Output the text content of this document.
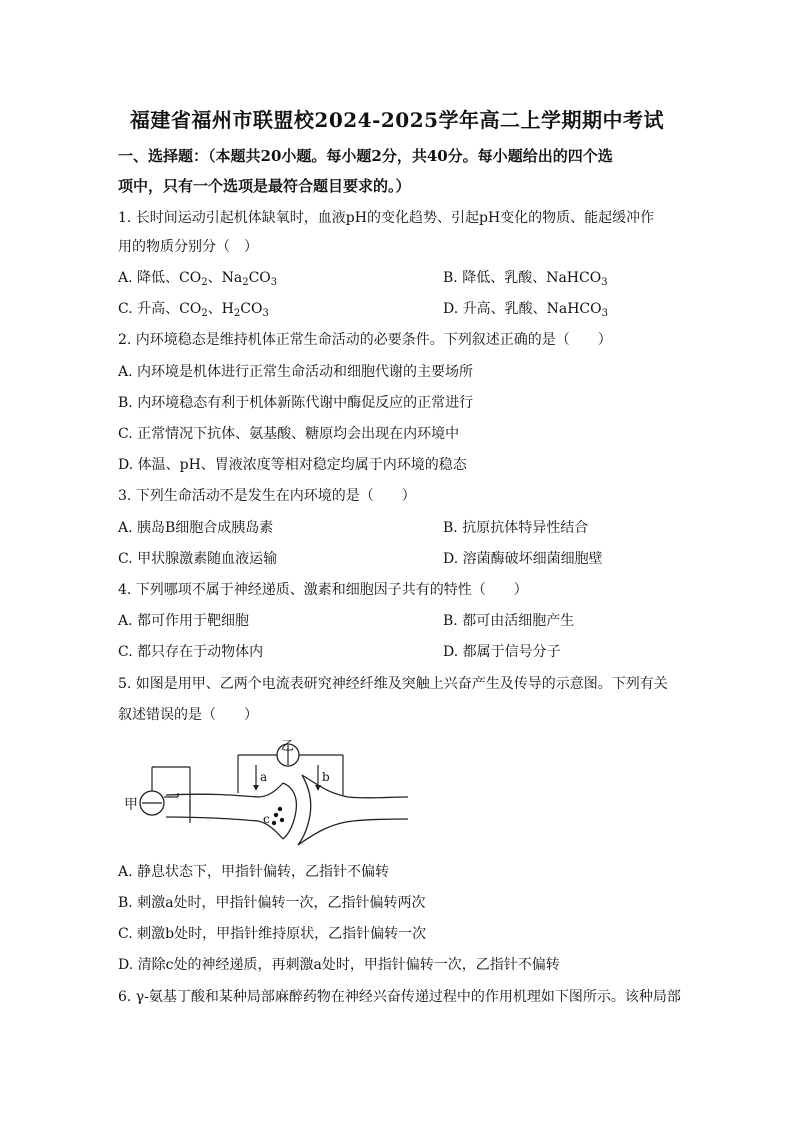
福建省福州市联盟校2024-2025学年高二上学期期中考试
一、选择题：（本题共20小题。每小题2分，共40分。每小题给出的四个选
项中，只有一个选项是最符合题目要求的。）
1. 长时间运动引起机体缺氧时，血液pH的变化趋势、引起pH变化的物质、能起缓冲作
用的物质分别分（　）
A. 降低、$CO_2$、$Na_2CO_3$	B. 降低、乳酸、NaHCO$_3$
C. 升高、$CO_2$、$H_2CO_3$	D. 升高、乳酸、NaHCO$_3$
2. 内环境稳态是维持机体正常生命活动的必要条件。下列叙述正确的是（　　）
A. 内环境是机体进行正常生命活动和细胞代谢的主要场所
B. 内环境稳态有利于机体新陈代谢中酶促反应的正常进行
C. 正常情况下抗体、氨基酸、糖原均会出现在内环境中
D. 体温、pH、胃液浓度等相对稳定均属于内环境的稳态
3. 下列生命活动不是发生在内环境的是（　　）
A. 胰岛B细胞合成胰岛素	B. 抗原抗体特异性结合
C. 甲状腺激素随血液运输	D. 溶菌酶破坏细菌细胞壁
4. 下列哪项不属于神经递质、激素和细胞因子共有的特性（　　）
A. 都可作用于靶细胞	B. 都可由活细胞产生
C. 都只存在于动物体内	D. 都属于信号分子
5. 如图是用甲、乙两个电流表研究神经纤维及突触上兴奋产生及传导的示意图。下列有关
叙述错误的是（　　）
甲
乙
a	b
c
A. 静息状态下，甲指针偏转，乙指针不偏转
B. 刺激a处时，甲指针偏转一次，乙指针偏转两次
C. 刺激b处时，甲指针维持原状，乙指针偏转一次
D. 清除c处的神经递质，再刺激a处时，甲指针偏转一次，乙指针不偏转
6. γ-氨基丁酸和某种局部麻醉药物在神经兴奋传递过程中的作用机理如下图所示。该种局部
